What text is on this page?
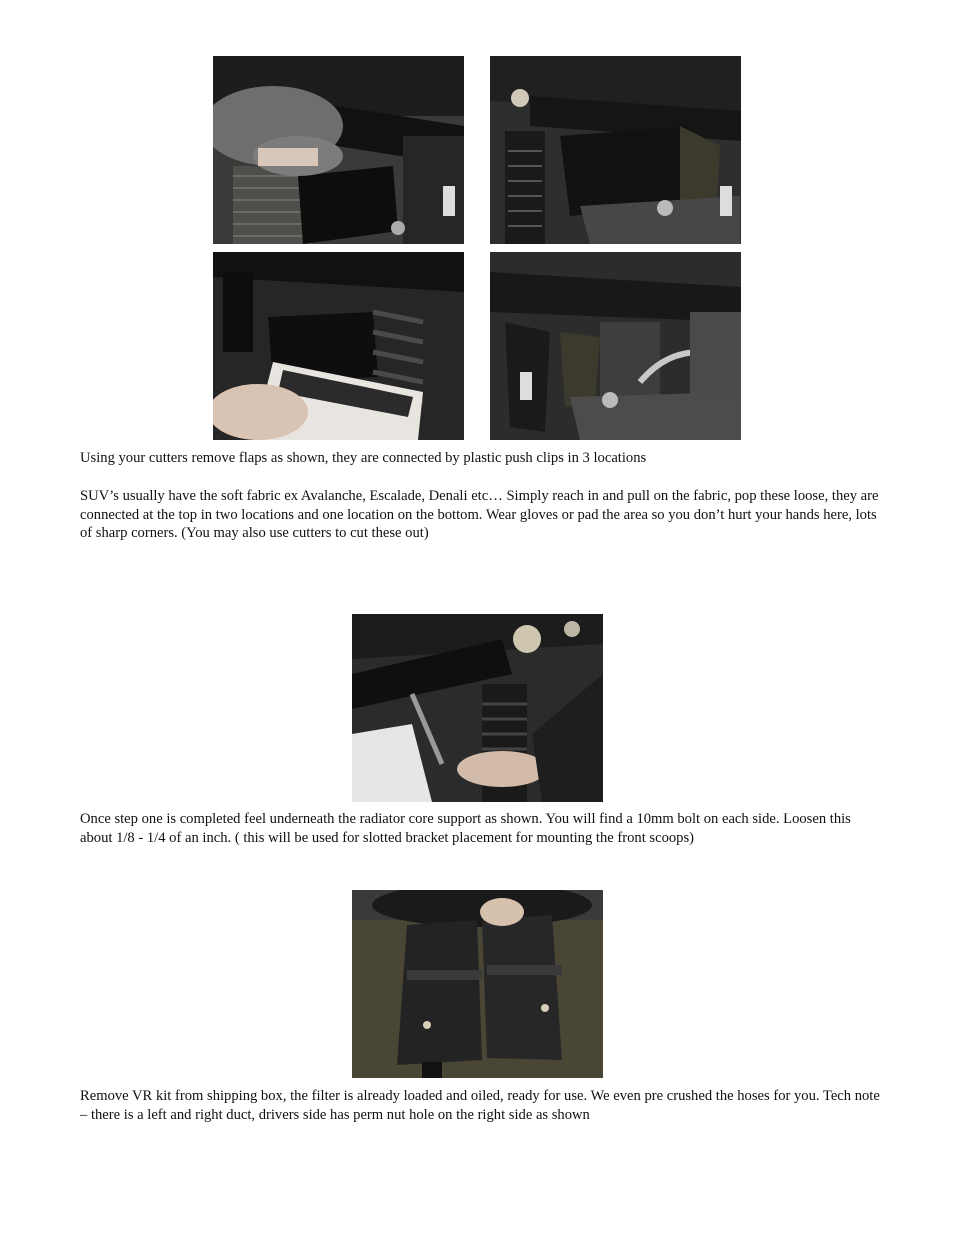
Using your cutters remove flaps as shown, they are connected by plastic push clips in 3 locations

SUV’s usually have the soft fabric ex Avalanche, Escalade, Denali etc… Simply reach in and pull on the fabric, pop these loose, they are connected at the top in two locations and one location on the bottom. Wear gloves or pad the area so you don’t hurt your hands here, lots of sharp corners. (You may also use cutters to cut these out)

Once step one is completed feel underneath the radiator core support as shown. You will find a 10mm bolt on each side. Loosen this about 1/8 - 1/4 of an inch. ( this will be used for slotted bracket placement for mounting the front scoops)

Remove VR kit from shipping box, the filter is already loaded and oiled, ready for use. We even pre crushed the hoses for you. Tech note – there is a left and right duct, drivers side has perm nut hole on the right side as shown
